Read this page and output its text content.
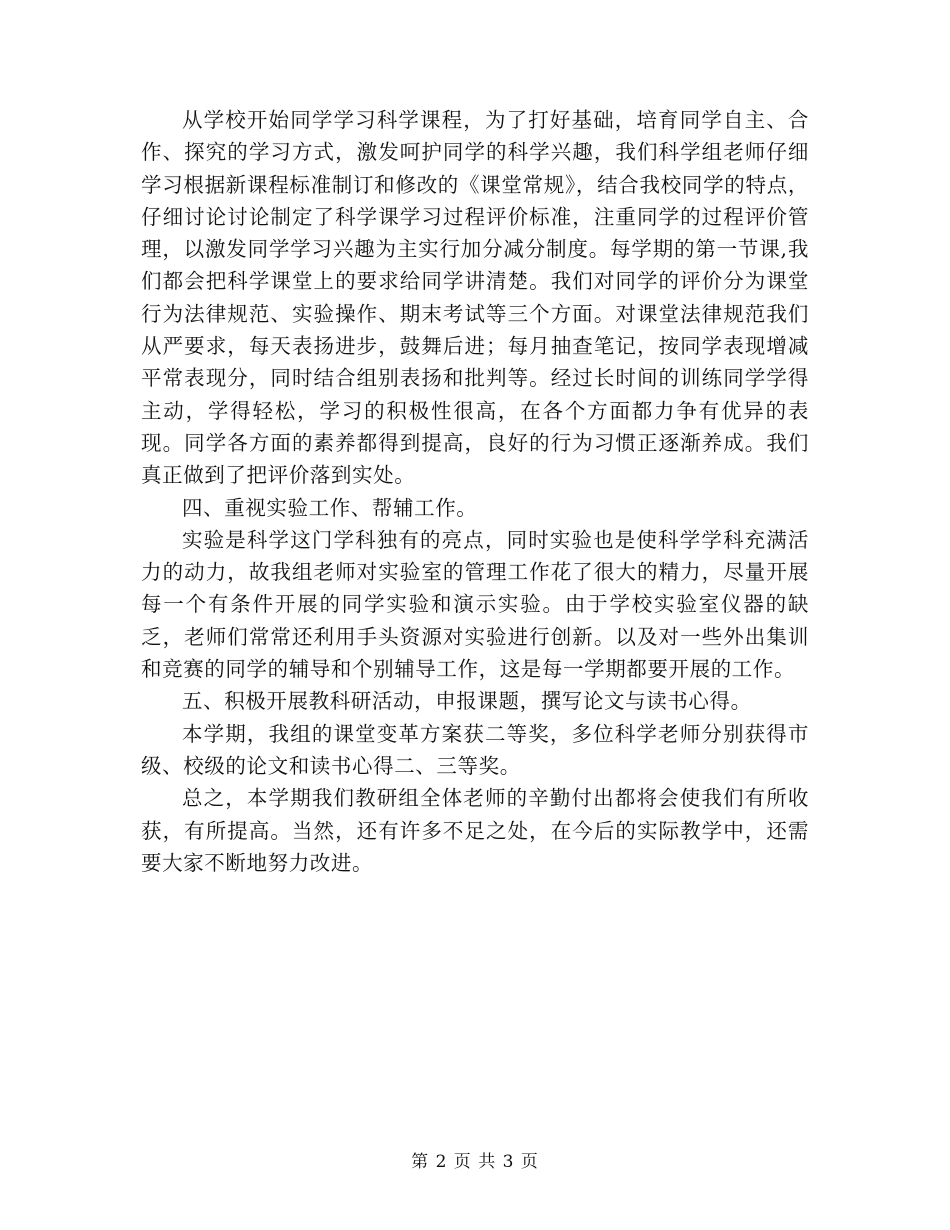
从学校开始同学学习科学课程，为了打好基础，培育同学自主、合作、探究的学习方式，激发呵护同学的科学兴趣，我们科学组老师仔细学习根据新课程标准制订和修改的《课堂常规》，结合我校同学的特点，仔细讨论讨论制定了科学课学习过程评价标准，注重同学的过程评价管理，以激发同学学习兴趣为主实行加分减分制度。每学期的第一节课,我们都会把科学课堂上的要求给同学讲清楚。我们对同学的评价分为课堂行为法律规范、实验操作、期末考试等三个方面。对课堂法律规范我们从严要求，每天表扬进步，鼓舞后进；每月抽查笔记，按同学表现增减平常表现分，同时结合组别表扬和批判等。经过长时间的训练同学学得主动，学得轻松，学习的积极性很高，在各个方面都力争有优异的表现。同学各方面的素养都得到提高，良好的行为习惯正逐渐养成。我们真正做到了把评价落到实处。

四、重视实验工作、帮辅工作。

实验是科学这门学科独有的亮点，同时实验也是使科学学科充满活力的动力，故我组老师对实验室的管理工作花了很大的精力，尽量开展每一个有条件开展的同学实验和演示实验。由于学校实验室仪器的缺乏，老师们常常还利用手头资源对实验进行创新。以及对一些外出集训和竞赛的同学的辅导和个别辅导工作，这是每一学期都要开展的工作。

五、积极开展教科研活动，申报课题，撰写论文与读书心得。

本学期，我组的课堂变革方案获二等奖，多位科学老师分别获得市级、校级的论文和读书心得二、三等奖。

总之，本学期我们教研组全体老师的辛勤付出都将会使我们有所收获，有所提高。当然，还有许多不足之处，在今后的实际教学中，还需要大家不断地努力改进。

第 2 页 共 3 页
